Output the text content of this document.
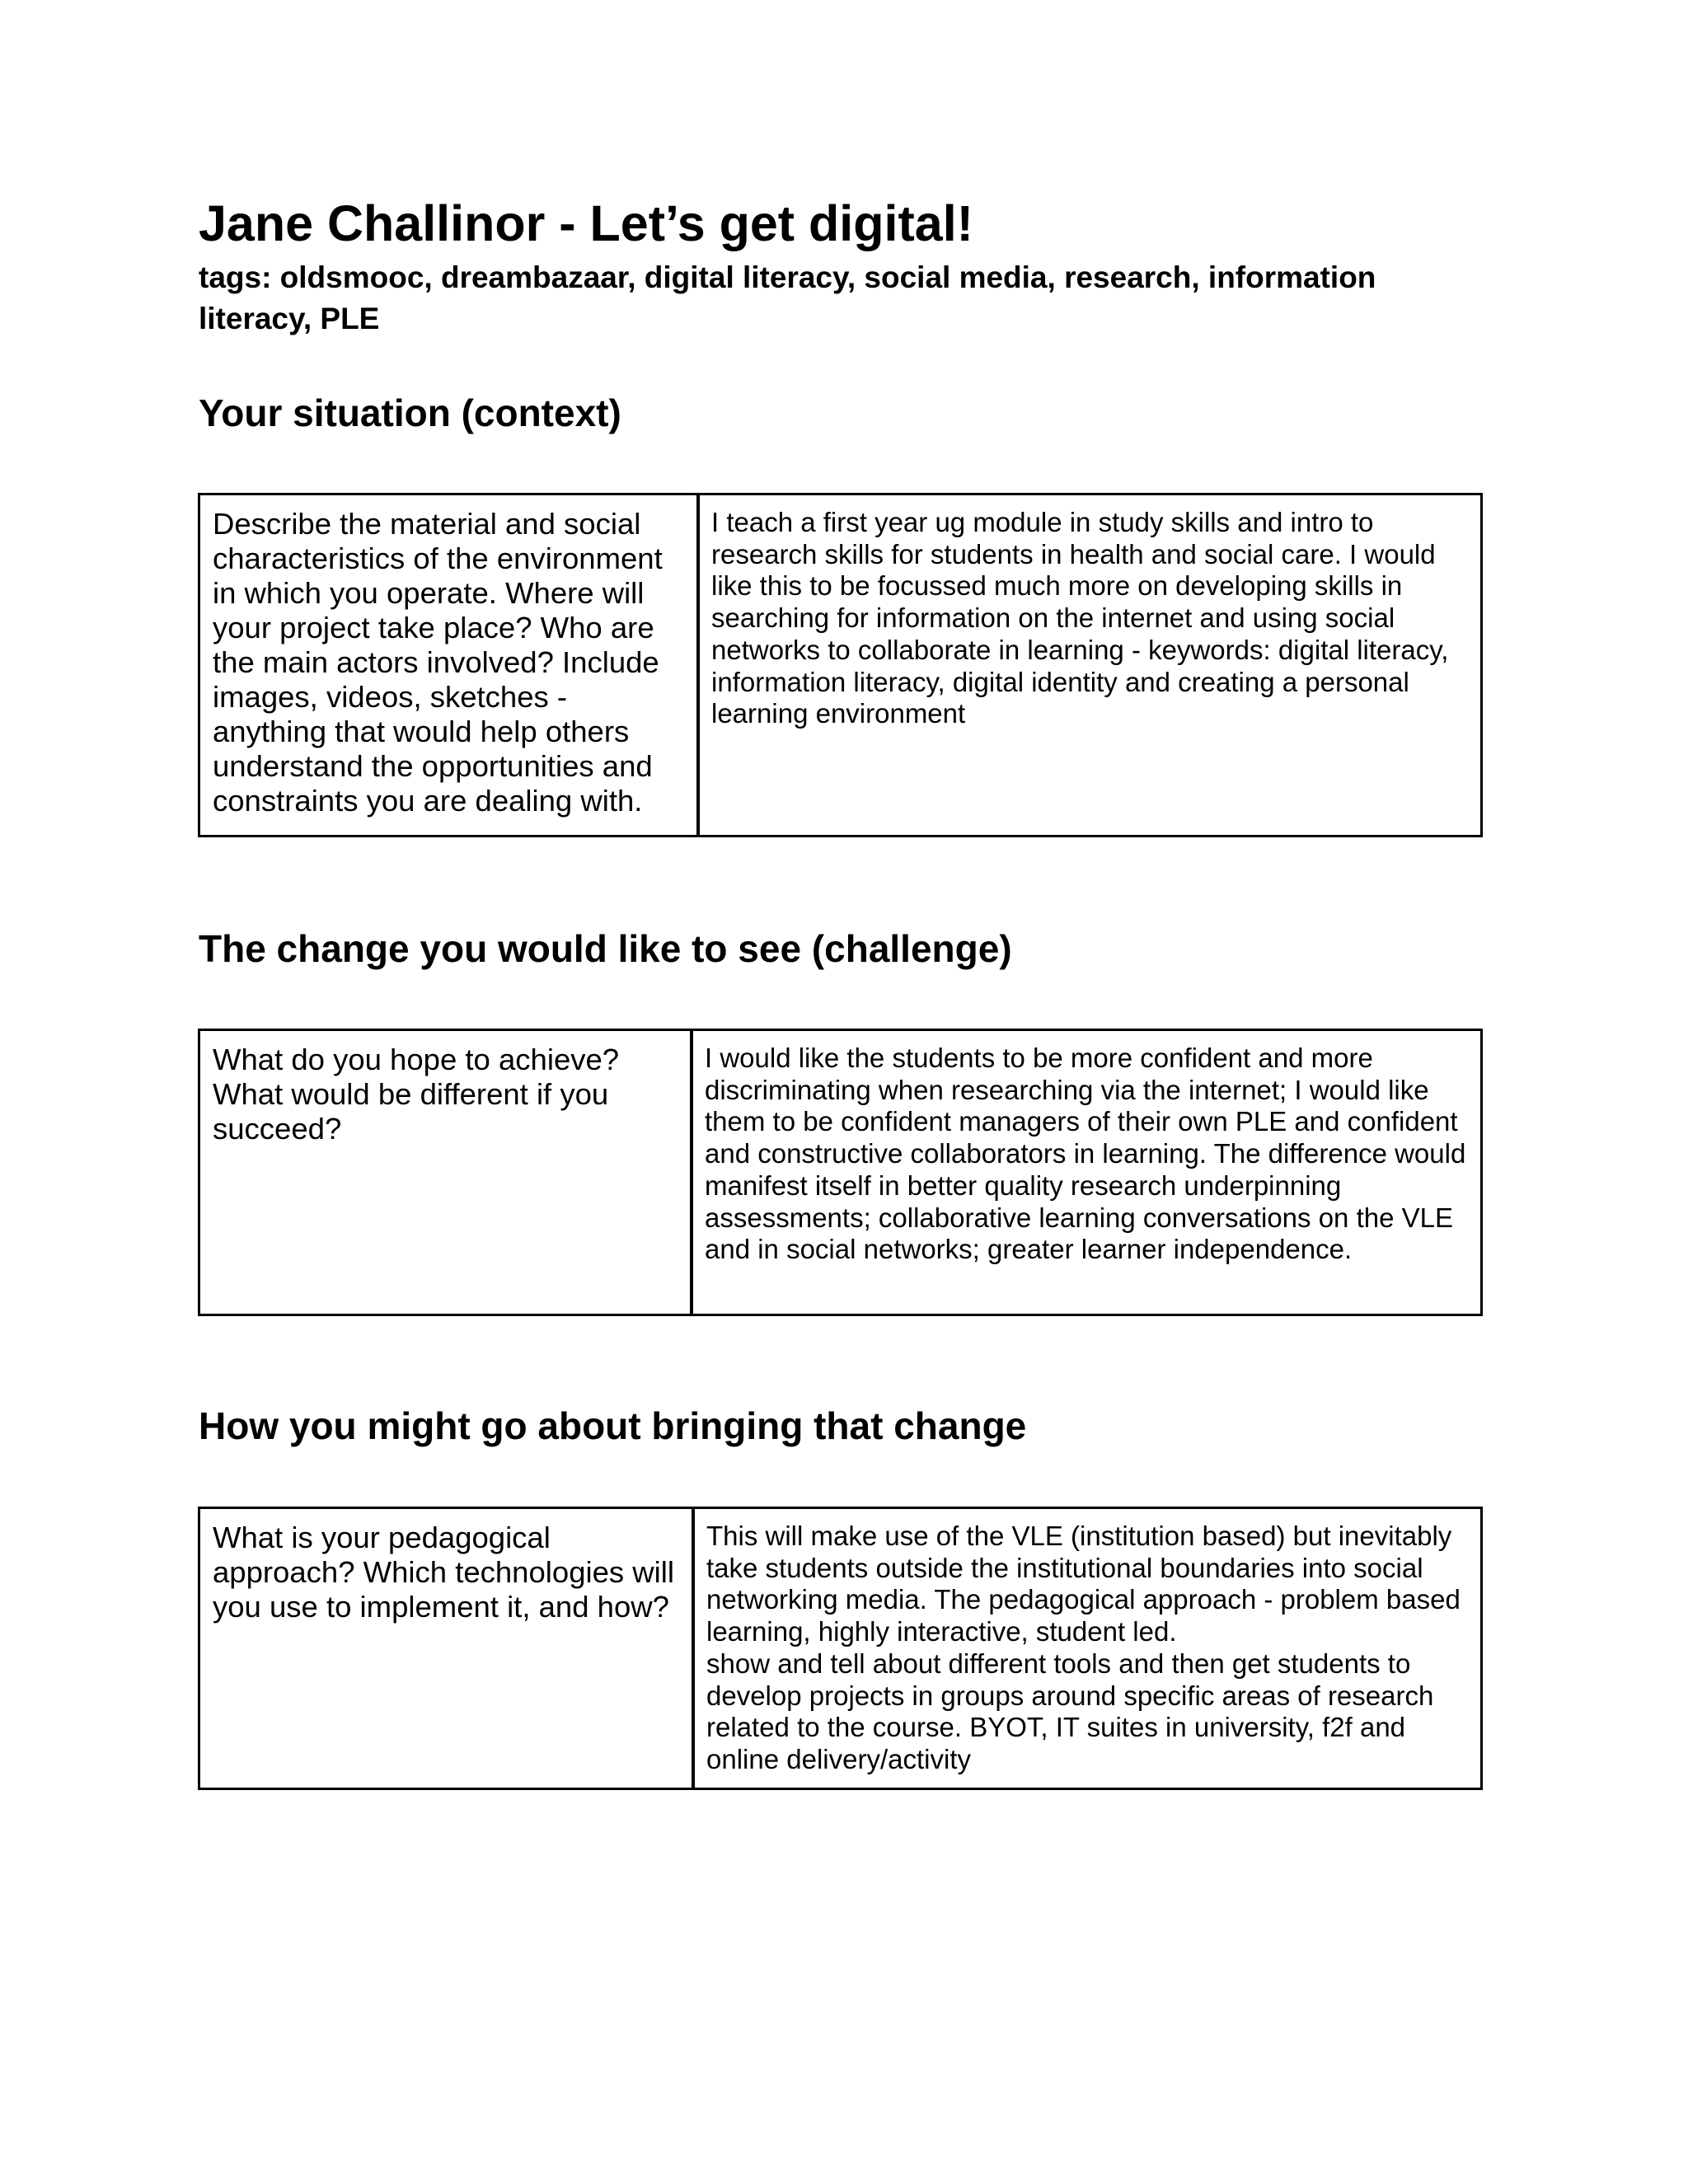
Jane Challinor - Let’s get digital!

tags: oldsmooc, dreambazaar, digital literacy, social media, research, information literacy, PLE

Your situation (context)
Describe the material and social characteristics of the environment in which you operate. Where will your project take place? Who are the main actors involved? Include images, videos, sketches - anything that would help others understand the opportunities and constraints you are dealing with.
I teach a first year ug module in study skills and intro to research skills for students in health and social care. I would like this to be focussed much more on developing skills in searching for information on the internet and using social networks to collaborate in learning - keywords: digital literacy, information literacy, digital identity and creating a personal learning environment
The change you would like to see (challenge)
What do you hope to achieve? What would be different if you succeed?
I would like the students to be more confident and more discriminating when researching via the internet; I would like them to be confident managers of their own PLE and confident and constructive collaborators in learning. The difference would manifest itself in better quality research underpinning assessments; collaborative learning conversations on the VLE and in social networks; greater learner independence.
How you might go about bringing that change
What is your pedagogical approach? Which technologies will you use to implement it, and how?
This will make use of the VLE (institution based) but inevitably take students outside the institutional boundaries into social networking media. The pedagogical approach - problem based learning, highly interactive, student led.
show and tell about different tools and then get students to develop projects in groups around specific areas of research related to the course. BYOT, IT suites in university, f2f and online delivery/activity
